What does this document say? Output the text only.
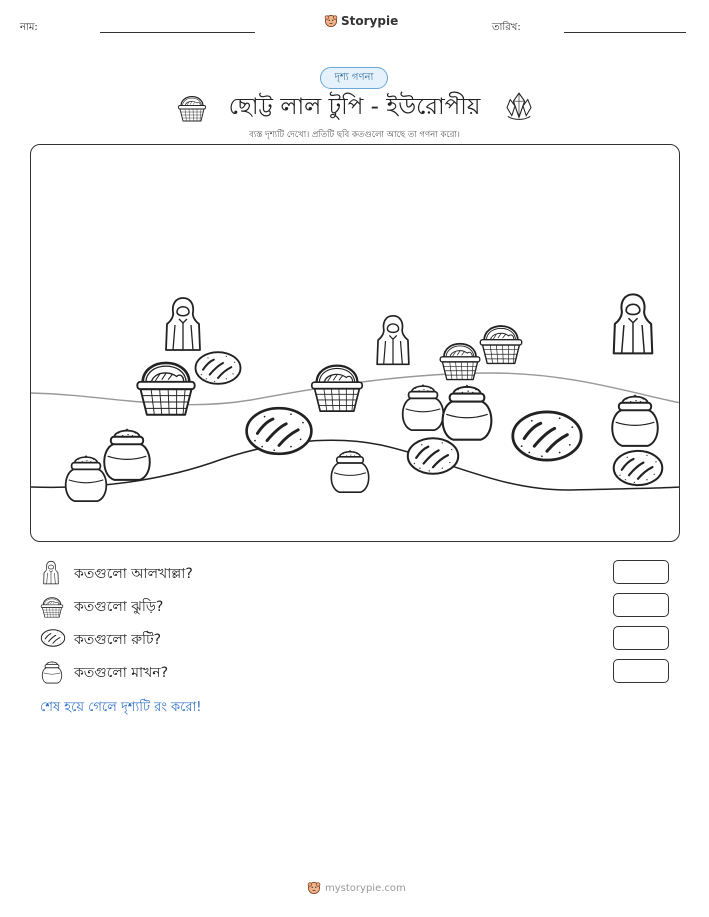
নাম:	Storypie	তারিখ:
দৃশ্য গণনা
ছোট্ট লাল টুপি - ইউরোপীয়
ব্যস্ত দৃশ্যটি দেখো। প্রতিটি ছবি কতগুলো আছে তা গণনা করো।
কতগুলো আলখাল্লা?
কতগুলো ঝুড়ি?
কতগুলো রুটি?
কতগুলো মাখন?
শেষ হয়ে গেলে দৃশ্যটি রং করো!
mystorypie.com
